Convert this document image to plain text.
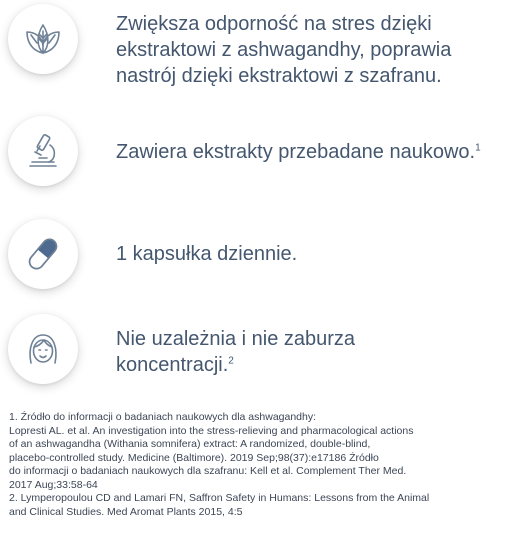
Zwiększa odporność na stres dzięki
ekstraktowi z ashwagandhy, poprawia
nastrój dzięki ekstraktowi z szafranu.

Zawiera ekstrakty przebadane naukowo.$^1$

1 kapsułka dziennie.

Nie uzależnia i nie zaburza
koncentracji.$^2$

1. Źródło do informacji o badaniach naukowych dla ashwagandhy:

Lopresti AL. et al. An investigation into the stress-relieving and pharmacological actions

of an ashwagandha (Withania somnifera) extract: A randomized, double-blind,

placebo-controlled study. Medicine (Baltimore). 2019 Sep;98(37):e17186 Źródło

do informacji o badaniach naukowych dla szafranu: Kell et al. Complement Ther Med.

2017 Aug;33:58-64

2. Lymperopoulou CD and Lamari FN, Saffron Safety in Humans: Lessons from the Animal

and Clinical Studies. Med Aromat Plants 2015, 4:5
